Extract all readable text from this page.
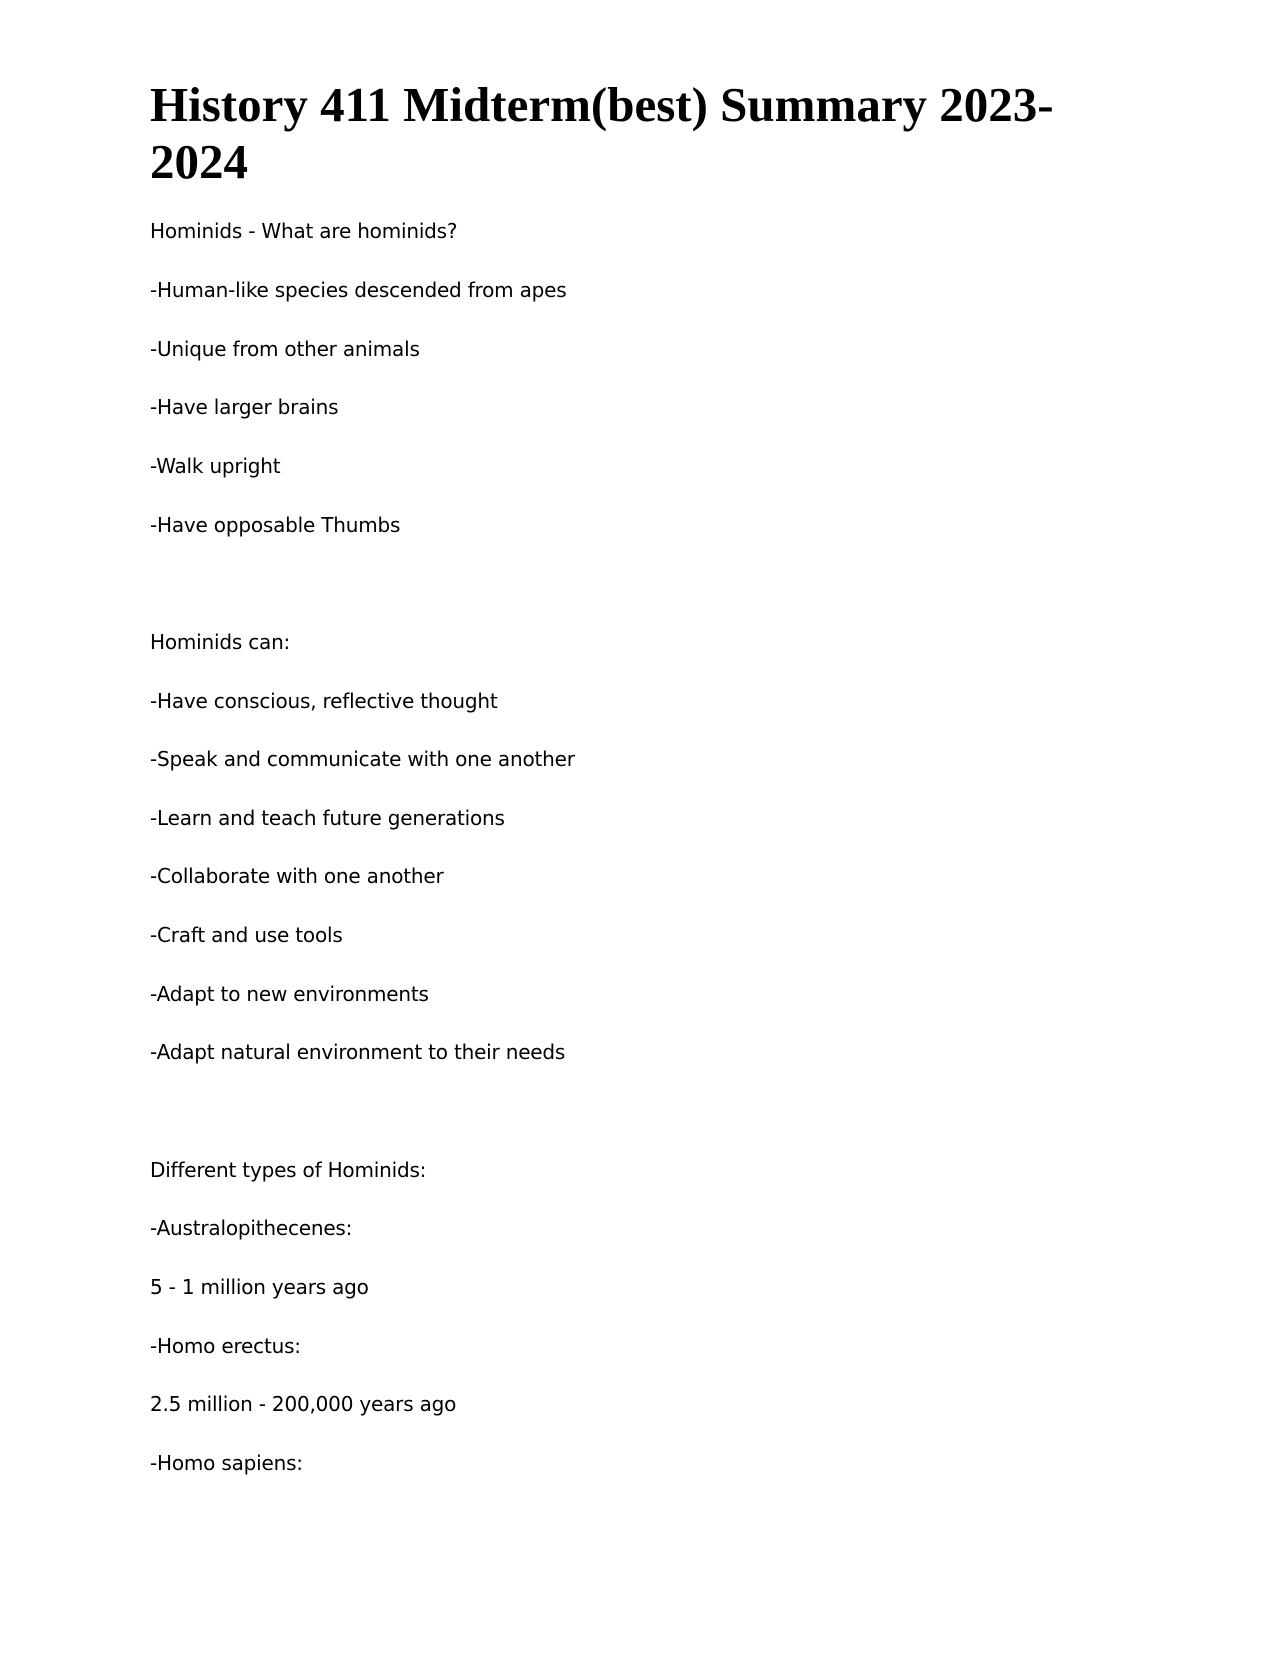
History 411 Midterm(best) Summary 2023-2024

Hominids - What are hominids?

-Human-like species descended from apes

-Unique from other animals

-Have larger brains

-Walk upright

-Have opposable Thumbs

Hominids can:

-Have conscious, reflective thought

-Speak and communicate with one another

-Learn and teach future generations

-Collaborate with one another

-Craft and use tools

-Adapt to new environments

-Adapt natural environment to their needs

Different types of Hominids:

-Australopithecenes:

5 - 1 million years ago

-Homo erectus:

2.5 million - 200,000 years ago

-Homo sapiens:
